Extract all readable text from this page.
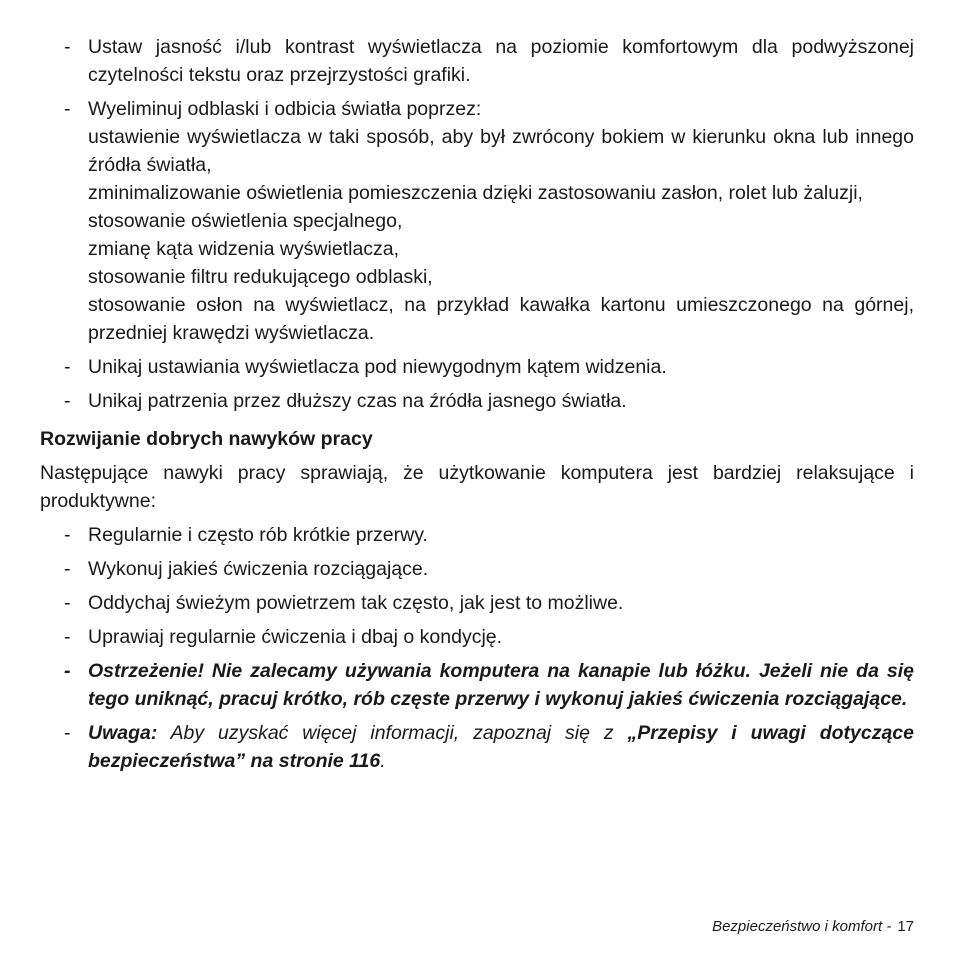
- Ustaw jasność i/lub kontrast wyświetlacza na poziomie komfortowym dla podwyższonej czytelności tekstu oraz przejrzystości grafiki.
- Wyeliminuj odblaski i odbicia światła poprzez:
ustawienie wyświetlacza w taki sposób, aby był zwrócony bokiem w kierunku okna lub innego źródła światła,
zminimalizowanie oświetlenia pomieszczenia dzięki zastosowaniu zasłon, rolet lub żaluzji,
stosowanie oświetlenia specjalnego,
zmianę kąta widzenia wyświetlacza,
stosowanie filtru redukującego odblaski,
stosowanie osłon na wyświetlacz, na przykład kawałka kartonu umieszczonego na górnej, przedniej krawędzi wyświetlacza.
- Unikaj ustawiania wyświetlacza pod niewygodnym kątem widzenia.
- Unikaj patrzenia przez dłuższy czas na źródła jasnego światła.
Rozwijanie dobrych nawyków pracy
Następujące nawyki pracy sprawiają, że użytkowanie komputera jest bardziej relaksujące i produktywne:
- Regularnie i często rób krótkie przerwy.
- Wykonuj jakieś ćwiczenia rozciągające.
- Oddychaj świeżym powietrzem tak często, jak jest to możliwe.
- Uprawiaj regularnie ćwiczenia i dbaj o kondycję.
- Ostrzeżenie! Nie zalecamy używania komputera na kanapie lub łóżku. Jeżeli nie da się tego uniknąć, pracuj krótko, rób częste przerwy i wykonuj jakieś ćwiczenia rozciągające.
- Uwaga: Aby uzyskać więcej informacji, zapoznaj się z „Przepisy i uwagi dotyczące bezpieczeństwa” na stronie 116.
Bezpieczeństwo i komfort - 17
